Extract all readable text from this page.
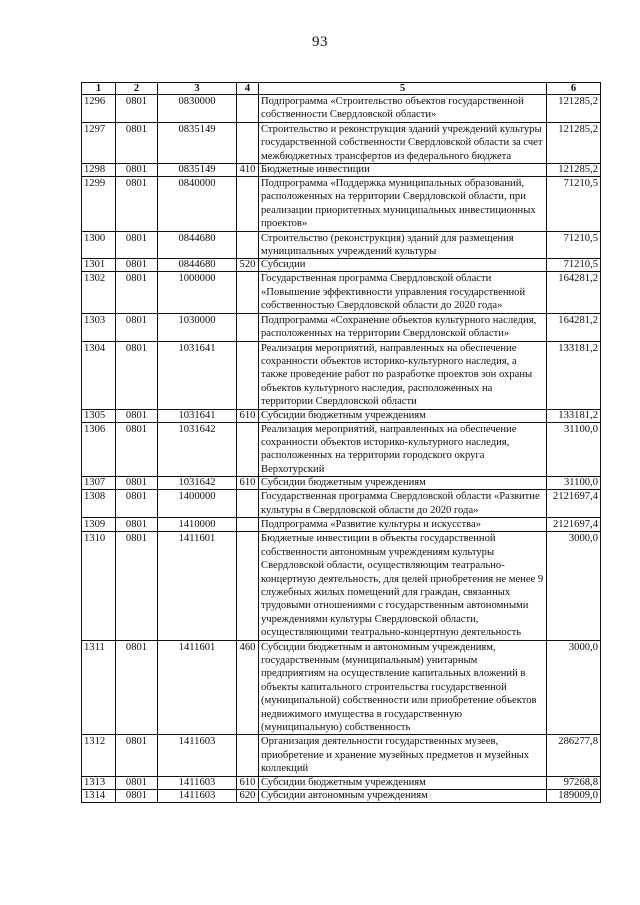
93
1	2	3	4	5	6
1296	0801	0830000		Подпрограмма «Строительство объектов государственной собственности Свердловской области»	121285,2
1297	0801	0835149		Строительство и реконструкция зданий учреждений культуры государственной собственности Свердловской области за счет межбюджетных трансфертов из федерального бюджета	121285,2
1298	0801	0835149	410	Бюджетные инвестиции	121285,2
1299	0801	0840000		Подпрограмма «Поддержка муниципальных образований, расположенных на территории Свердловской области, при реализации приоритетных муниципальных инвестиционных проектов»	71210,5
1300	0801	0844680		Строительство (реконструкция) зданий для размещения муниципальных учреждений культуры	71210,5
1301	0801	0844680	520	Субсидии	71210,5
1302	0801	1000000		Государственная программа Свердловской области «Повышение эффективности управления государственной собственностью Свердловской области до 2020 года»	164281,2
1303	0801	1030000		Подпрограмма «Сохранение объектов культурного наследия, расположенных на территории Свердловской области»	164281,2
1304	0801	1031641		Реализация мероприятий, направленных на обеспечение сохранности объектов историко-культурного наследия, а также проведение работ по разработке проектов зон охраны объектов культурного наследия, расположенных на территории Свердловской области	133181,2
1305	0801	1031641	610	Субсидии бюджетным учреждениям	133181,2
1306	0801	1031642		Реализация мероприятий, направленных на обеспечение сохранности объектов историко-культурного наследия, расположенных на территории городского округа Верхотурский	31100,0
1307	0801	1031642	610	Субсидии бюджетным учреждениям	31100,0
1308	0801	1400000		Государственная программа Свердловской области «Развитие культуры в Свердловской области до 2020 года»	2121697,4
1309	0801	1410000		Подпрограмма «Развитие культуры и искусства»	2121697,4
1310	0801	1411601		Бюджетные инвестиции в объекты государственной собственности автономным учреждениям культуры Свердловской области, осуществляющим театрально-концертную деятельность, для целей приобретения не менее 9 служебных жилых помещений для граждан, связанных трудовыми отношениями с государственным автономными учреждениями культуры Свердловской области, осуществляющими театрально-концертную деятельность	3000,0
1311	0801	1411601	460	Субсидии бюджетным и автономным учреждениям, государственным (муниципальным) унитарным предприятиям на осуществление капитальных вложений в объекты капитального строительства государственной (муниципальной) собственности или приобретение объектов недвижимого имущества в государственную (муниципальную) собственность	3000,0
1312	0801	1411603		Организация деятельности государственных музеев, приобретение и хранение музейных предметов и музейных коллекций	286277,8
1313	0801	1411603	610	Субсидии бюджетным учреждениям	97268,8
1314	0801	1411603	620	Субсидии автономным учреждениям	189009,0
